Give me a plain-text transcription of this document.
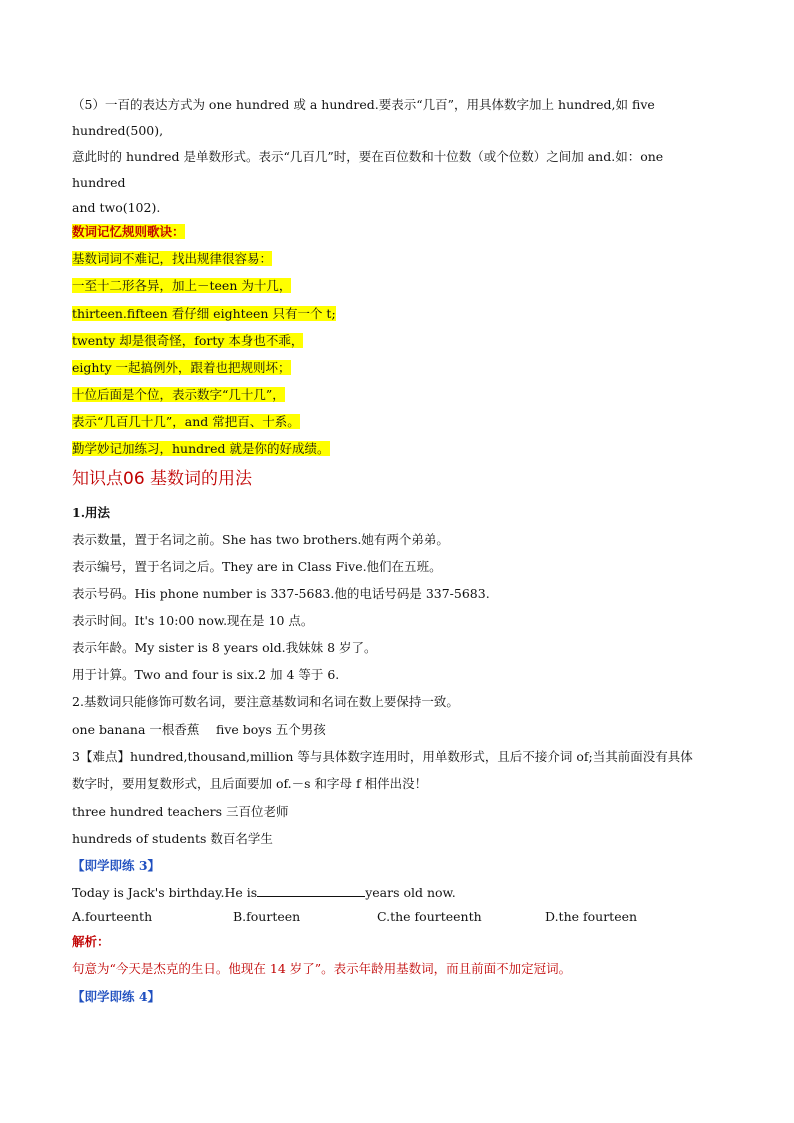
（5）一百的表达方式为 one hundred 或 a hundred.要表示“几百”，用具体数字加上 hundred,如 five
hundred(500),
意此时的 hundred 是单数形式。表示“几百几”时，要在百位数和十位数（或个位数）之间加 and.如：one
hundred
and two(102).
数词记忆规则歌诀：
基数词词不难记，找出规律很容易：
一至十二形各异，加上－teen 为十几，
thirteen.fifteen 看仔细 eighteen 只有一个 t;
twenty 却是很奇怪，forty 本身也不乖，
eighty 一起搞例外，跟着也把规则坏；
十位后面是个位，表示数字“几十几”，
表示“几百几十几”，and 常把百、十系。
勤学妙记加练习，hundred 就是你的好成绩。
知识点06 基数词的用法
1.用法
表示数量，置于名词之前。She has two brothers.她有两个弟弟。
表示编号，置于名词之后。They are in Class Five.他们在五班。
表示号码。His phone number is 337-5683.他的电话号码是 337-5683.
表示时间。It's 10:00 now.现在是 10 点。
表示年龄。My sister is 8 years old.我妹妹 8 岁了。
用于计算。Two and four is six.2 加 4 等于 6.
2.基数词只能修饰可数名词，要注意基数词和名词在数上要保持一致。
one banana 一根香蕉 five boys 五个男孩
3【难点】hundred,thousand,million 等与具体数字连用时，用单数形式，且后不接介词 of;当其前面没有具体
数字时，要用复数形式，且后面要加 of.－s 和字母 f 相伴出没！
three hundred teachers 三百位老师
hundreds of students 数百名学生
【即学即练 3】
Today is Jack's birthday.He is	years old now.
A.fourteenth	B.fourteen	C.the fourteenth	D.the fourteen
解析：
句意为“今天是杰克的生日。他现在 14 岁了”。表示年龄用基数词，而且前面不加定冠词。
【即学即练 4】
